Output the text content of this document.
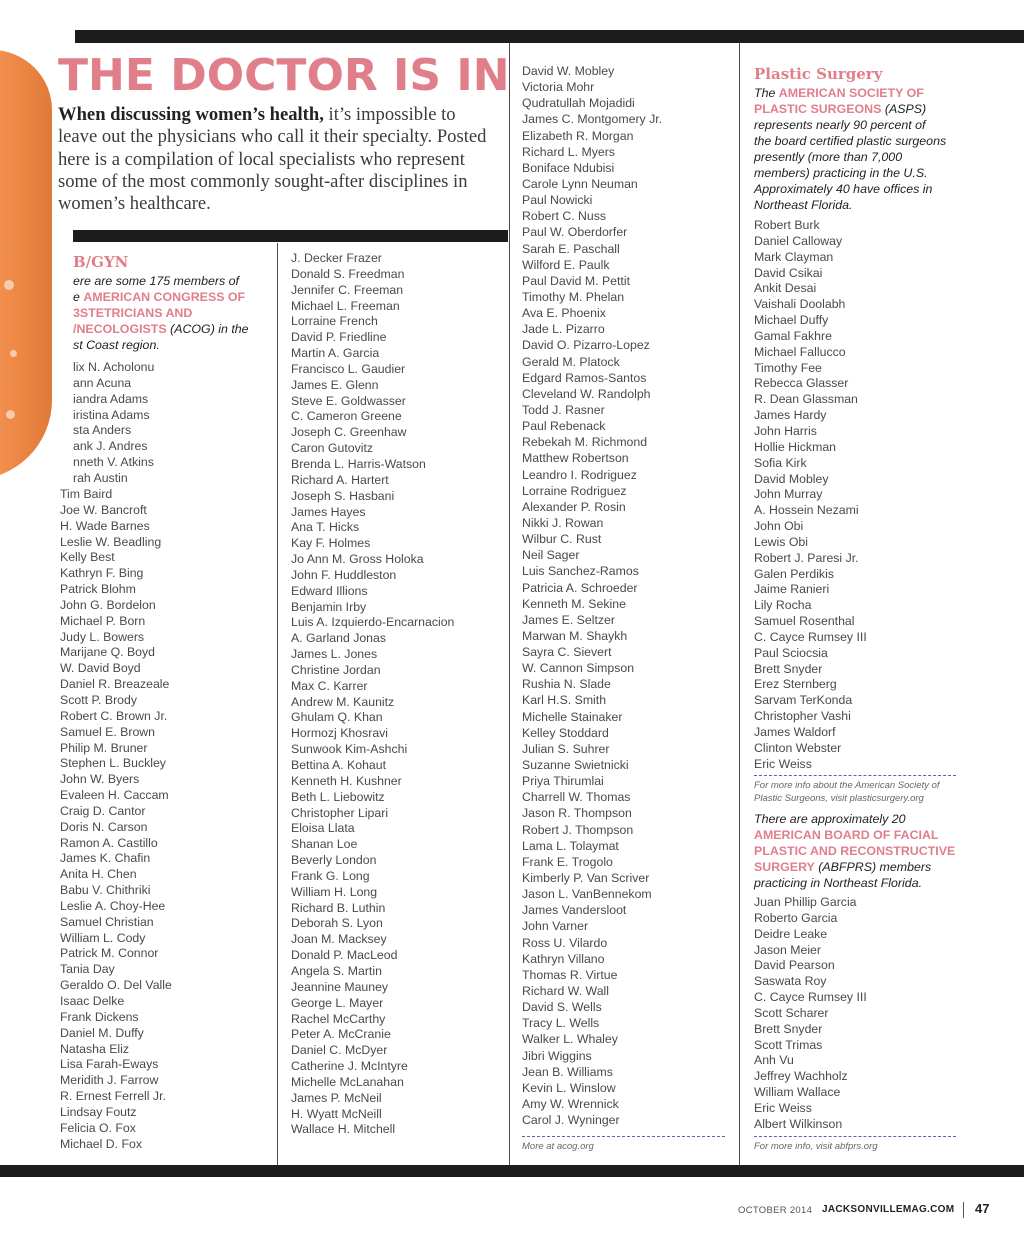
THE DOCTOR IS IN

When discussing women’s health, it’s impossible to leave out the physicians who call it their specialty. Posted here is a compilation of local specialists who represent some of the most commonly sought-after disciplines in women’s healthcare.

B/GYN

ere are some 175 members of
e AMERICAN CONGRESS OF
3STETRICIANS AND
/NECOLOGISTS (ACOG) in the
st Coast region.

lix N. Acholonu
ann Acuna
iandra Adams
iristina Adams
sta Anders
ank J. Andres
nneth V. Atkins
rah Austin
Tim Baird
Joe W. Bancroft
H. Wade Barnes
Leslie W. Beadling
Kelly Best
Kathryn F. Bing
Patrick Blohm
John G. Bordelon
Michael P. Born
Judy L. Bowers
Marijane Q. Boyd
W. David Boyd
Daniel R. Breazeale
Scott P. Brody
Robert C. Brown Jr.
Samuel E. Brown
Philip M. Bruner
Stephen L. Buckley
John W. Byers
Evaleen H. Caccam
Craig D. Cantor
Doris N. Carson
Ramon A. Castillo
James K. Chafin
Anita H. Chen
Babu V. Chithriki
Leslie A. Choy-Hee
Samuel Christian
William L. Cody
Patrick M. Connor
Tania Day
Geraldo O. Del Valle
Isaac Delke
Frank Dickens
Daniel M. Duffy
Natasha Eliz
Lisa Farah-Eways
Meridith J. Farrow
R. Ernest Ferrell Jr.
Lindsay Foutz
Felicia O. Fox
Michael D. Fox
J. Decker Frazer
Donald S. Freedman
Jennifer C. Freeman
Michael L. Freeman
Lorraine French
David P. Friedline
Martin A. Garcia
Francisco L. Gaudier
James E. Glenn
Steve E. Goldwasser
C. Cameron Greene
Joseph C. Greenhaw
Caron Gutovitz
Brenda L. Harris-Watson
Richard A. Hartert
Joseph S. Hasbani
James Hayes
Ana T. Hicks
Kay F. Holmes
Jo Ann M. Gross Holoka
John F. Huddleston
Edward Illions
Benjamin Irby
Luis A. Izquierdo-Encarnacion
A. Garland Jonas
James L. Jones
Christine Jordan
Max C. Karrer
Andrew M. Kaunitz
Ghulam Q. Khan
Hormozj Khosravi
Sunwook Kim-Ashchi
Bettina A. Kohaut
Kenneth H. Kushner
Beth L. Liebowitz
Christopher Lipari
Eloisa Llata
Shanan Loe
Beverly London
Frank G. Long
William H. Long
Richard B. Luthin
Deborah S. Lyon
Joan M. Macksey
Donald P. MacLeod
Angela S. Martin
Jeannine Mauney
George L. Mayer
Rachel McCarthy
Peter A. McCranie
Daniel C. McDyer
Catherine J. McIntyre
Michelle McLanahan
James P. McNeil
H. Wyatt McNeill
Wallace H. Mitchell
David W. Mobley
Victoria Mohr
Qudratullah Mojadidi
James C. Montgomery Jr.
Elizabeth R. Morgan
Richard L. Myers
Boniface Ndubisi
Carole Lynn Neuman
Paul Nowicki
Robert C. Nuss
Paul W. Oberdorfer
Sarah E. Paschall
Wilford E. Paulk
Paul David M. Pettit
Timothy M. Phelan
Ava E. Phoenix
Jade L. Pizarro
David O. Pizarro-Lopez
Gerald M. Platock
Edgard Ramos-Santos
Cleveland W. Randolph
Todd J. Rasner
Paul Rebenack
Rebekah M. Richmond
Matthew Robertson
Leandro I. Rodriguez
Lorraine Rodriguez
Alexander P. Rosin
Nikki J. Rowan
Wilbur C. Rust
Neil Sager
Luis Sanchez-Ramos
Patricia A. Schroeder
Kenneth M. Sekine
James E. Seltzer
Marwan M. Shaykh
Sayra C. Sievert
W. Cannon Simpson
Rushia N. Slade
Karl H.S. Smith
Michelle Stainaker
Kelley Stoddard
Julian S. Suhrer
Suzanne Swietnicki
Priya Thirumlai
Charrell W. Thomas
Jason R. Thompson
Robert J. Thompson
Lama L. Tolaymat
Frank E. Trogolo
Kimberly P. Van Scriver
Jason L. VanBennekom
James Vandersloot
John Varner
Ross U. Vilardo
Kathryn Villano
Thomas R. Virtue
Richard W. Wall
David S. Wells
Tracy L. Wells
Walker L. Whaley
Jibri Wiggins
Jean B. Williams
Kevin L. Winslow
Amy W. Wrennick
Carol J. Wyninger

More at acog.org

Plastic Surgery

The AMERICAN SOCIETY OF
PLASTIC SURGEONS (ASPS)
represents nearly 90 percent of
the board certified plastic surgeons
presently (more than 7,000
members) practicing in the U.S.
Approximately 40 have offices in
Northeast Florida.

Robert Burk
Daniel Calloway
Mark Clayman
David Csikai
Ankit Desai
Vaishali Doolabh
Michael Duffy
Gamal Fakhre
Michael Fallucco
Timothy Fee
Rebecca Glasser
R. Dean Glassman
James Hardy
John Harris
Hollie Hickman
Sofia Kirk
David Mobley
John Murray
A. Hossein Nezami
John Obi
Lewis Obi
Robert J. Paresi Jr.
Galen Perdikis
Jaime Ranieri
Lily Rocha
Samuel Rosenthal
C. Cayce Rumsey III
Paul Sciocsia
Brett Snyder
Erez Sternberg
Sarvam TerKonda
Christopher Vashi
James Waldorf
Clinton Webster
Eric Weiss

For more info about the American Society of
Plastic Surgeons, visit plasticsurgery.org

There are approximately 20
AMERICAN BOARD OF FACIAL
PLASTIC AND RECONSTRUCTIVE
SURGERY (ABFPRS) members
practicing in Northeast Florida.

Juan Phillip Garcia
Roberto Garcia
Deidre Leake
Jason Meier
David Pearson
Saswata Roy
C. Cayce Rumsey III
Scott Scharer
Brett Snyder
Scott Trimas
Anh Vu
Jeffrey Wachholz
William Wallace
Eric Weiss
Albert Wilkinson

For more info, visit abfprs.org

OCTOBER 2014 JACKSONVILLEMAG.COM 47
